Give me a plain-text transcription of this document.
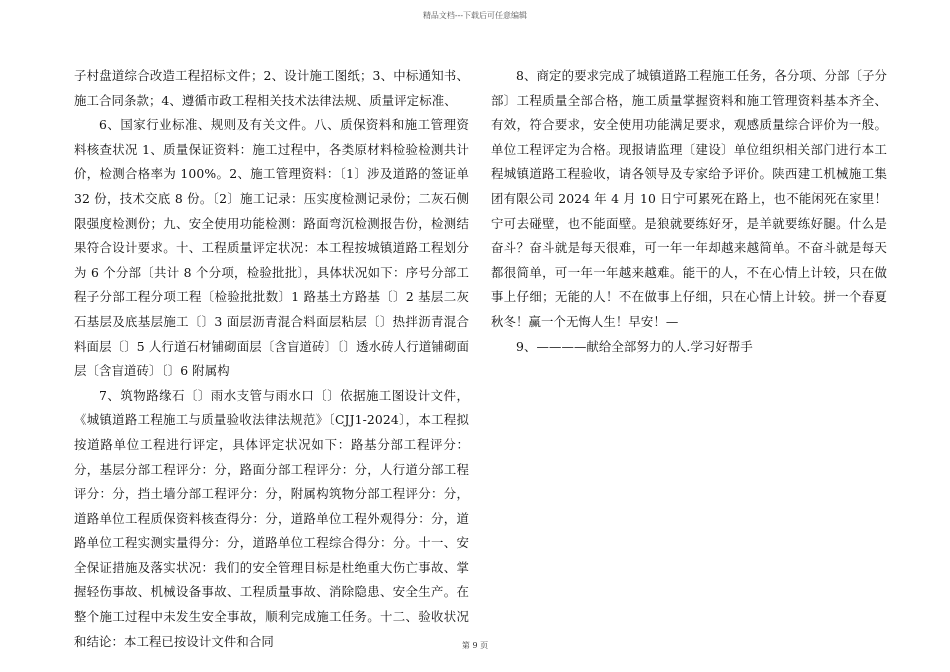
精品文档---下载后可任意编辑

子村盘道综合改造工程招标文件；2、设计施工图纸；3、中标通知书、施工合同条款；4、遵循市政工程相关技术法律法规、质量评定标准、

6、国家行业标准、规则及有关文件。八、质保资料和施工管理资料核查状况 1、质量保证资料：施工过程中，各类原材料检验检测共计价，检测合格率为 100%。2、施工管理资料：〔1〕涉及道路的签证单 32 份，技术交底 8 份。〔2〕施工记录：压实度检测记录份；二灰石侧限强度检测份；九、安全使用功能检测：路面弯沉检测报告份，检测结果符合设计要求。十、工程质量评定状况：本工程按城镇道路工程划分为 6 个分部〔共计 8 个分项，检验批批〕，具体状况如下：序号分部工程子分部工程分项工程〔检验批批数〕1 路基土方路基〔〕2 基层二灰石基层及底基层施工〔〕3 面层沥青混合料面层粘层〔〕热拌沥青混合料面层〔〕5 人行道石材铺砌面层〔含盲道砖〕〔〕透水砖人行道铺砌面层〔含盲道砖〕〔〕6 附属构

7、筑物路缘石〔〕雨水支管与雨水口〔〕依据施工图设计文件，《城镇道路工程施工与质量验收法律法规范》〔CJJ1-2024〕，本工程拟按道路单位工程进行评定，具体评定状况如下：路基分部工程评分：分，基层分部工程评分：分，路面分部工程评分：分，人行道分部工程评分：分，挡土墙分部工程评分：分，附属构筑物分部工程评分：分，道路单位工程质保资料核查得分：分，道路单位工程外观得分：分，道路单位工程实测实量得分：分，道路单位工程综合得分：分。十一、安全保证措施及落实状况：我们的安全管理目标是杜绝重大伤亡事故、掌握轻伤事故、机械设备事故、工程质量事故、消除隐患、安全生产。在整个施工过程中未发生安全事故，顺利完成施工任务。十二、验收状况和结论：本工程已按设计文件和合同

8、商定的要求完成了城镇道路工程施工任务，各分项、分部〔子分部〕工程质量全部合格，施工质量掌握资料和施工管理资料基本齐全、有效，符合要求，安全使用功能满足要求，观感质量综合评价为一般。单位工程评定为合格。现报请监理〔建设〕单位组织相关部门进行本工程城镇道路工程验收，请各领导及专家给予评价。陕西建工机械施工集团有限公司 2024 年 4 月 10 日宁可累死在路上，也不能闲死在家里！宁可去碰壁，也不能面壁。是狼就要练好牙，是羊就要练好腿。什么是奋斗？奋斗就是每天很难，可一年一年却越来越简单。不奋斗就是每天都很简单，可一年一年越来越难。能干的人，不在心情上计较，只在做事上仔细；无能的人！不在做事上仔细，只在心情上计较。拼一个春夏秋冬！赢一个无悔人生！早安！—

9、————献给全部努力的人.学习好帮手

第 9 页
